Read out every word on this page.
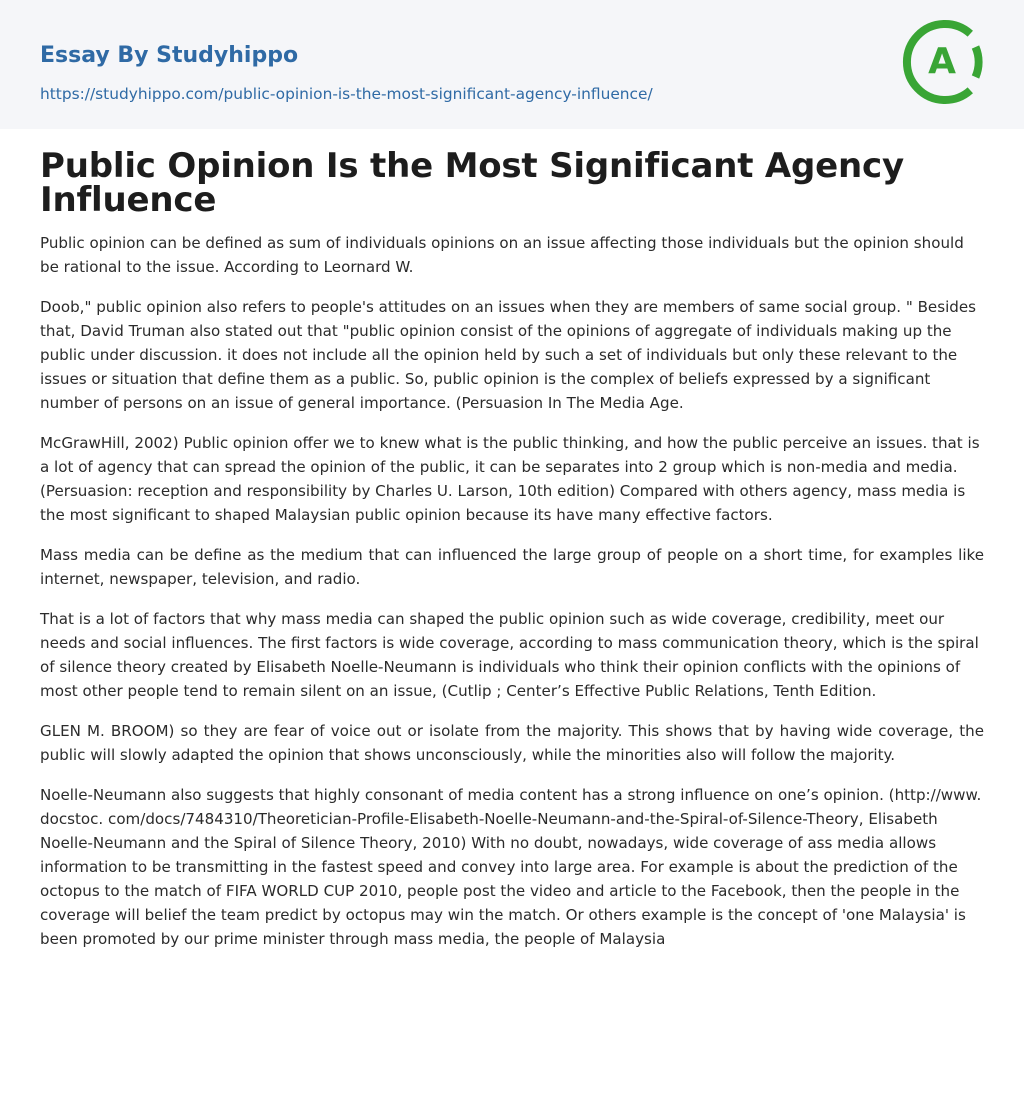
Essay By Studyhippo

https://studyhippo.com/public-opinion-is-the-most-significant-agency-influence/
A
Public Opinion Is the Most Significant Agency Influence

Public opinion can be defined as sum of individuals opinions on an issue affecting those individuals but the opinion should be rational to the issue. According to Leornard W.

Doob," public opinion also refers to people's attitudes on an issues when they are members of same social group. " Besides that, David Truman also stated out that "public opinion consist of the opinions of aggregate of individuals making up the public under discussion. it does not include all the opinion held by such a set of individuals but only these relevant to the issues or situation that define them as a public. So, public opinion is the complex of beliefs expressed by a significant number of persons on an issue of general importance. (Persuasion In The Media Age.

McGrawHill, 2002) Public opinion offer we to knew what is the public thinking, and how the public perceive an issues. that is a lot of agency that can spread the opinion of the public, it can be separates into 2 group which is non-media and media. (Persuasion: reception and responsibility by Charles U. Larson, 10th edition) Compared with others agency, mass media is the most significant to shaped Malaysian public opinion because its have many effective factors.

Mass media can be define as the medium that can influenced the large group of people on a short time, for examples like internet, newspaper, television, and radio.

That is a lot of factors that why mass media can shaped the public opinion such as wide coverage, credibility, meet our needs and social influences. The first factors is wide coverage, according to mass communication theory, which is the spiral of silence theory created by Elisabeth Noelle-Neumann is individuals who think their opinion conflicts with the opinions of most other people tend to remain silent on an issue, (Cutlip ; Center’s Effective Public Relations, Tenth Edition.

GLEN M. BROOM) so they are fear of voice out or isolate from the majority. This shows that by having wide coverage, the public will slowly adapted the opinion that shows unconsciously, while the minorities also will follow the majority.

Noelle-Neumann also suggests that highly consonant of media content has a strong influence on one’s opinion. (http://www. docstoc. com/docs/7484310/Theoretician-Profile-Elisabeth-Noelle-Neumann-and-the-Spiral-of-Silence-Theory, Elisabeth Noelle-Neumann and the Spiral of Silence Theory, 2010) With no doubt, nowadays, wide coverage of ass media allows information to be transmitting in the fastest speed and convey into large area. For example is about the prediction of the octopus to the match of FIFA WORLD CUP 2010, people post the video and article to the Facebook, then the people in the coverage will belief the team predict by octopus may win the match. Or others example is the concept of 'one Malaysia' is been promoted by our prime minister through mass media, the people of Malaysia
